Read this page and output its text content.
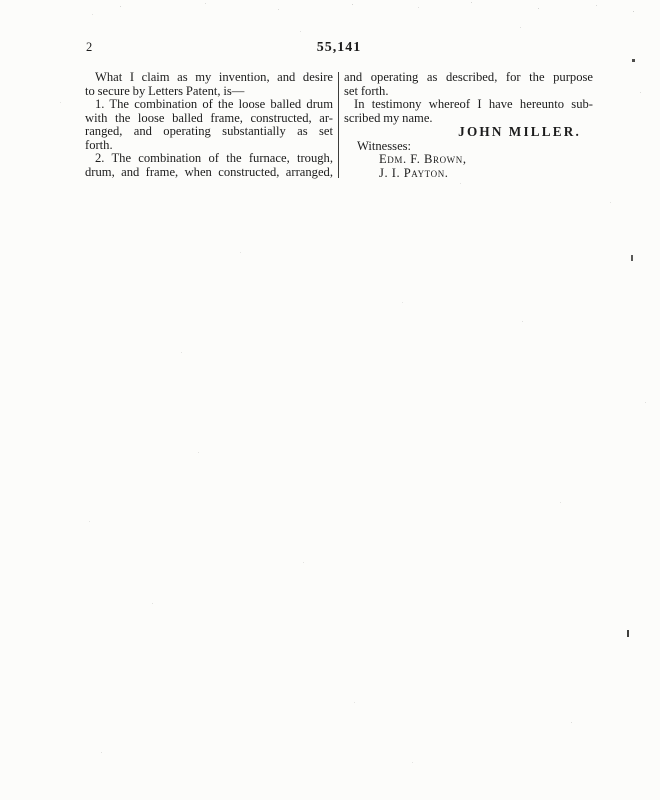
2	55,141
What I claim as my invention, and desire
to secure by Letters Patent, is—
1. The combination of the loose balled drum
with the loose balled frame, constructed, ar-
ranged, and operating substantially as set
forth.
2. The combination of the furnace, trough,
drum, and frame, when constructed, arranged,
and operating as described, for the purpose
set forth.
In testimony whereof I have hereunto sub-
scribed my name.
JOHN MILLER.
Witnesses:
Edm. F. Brown,
J. I. Payton.
